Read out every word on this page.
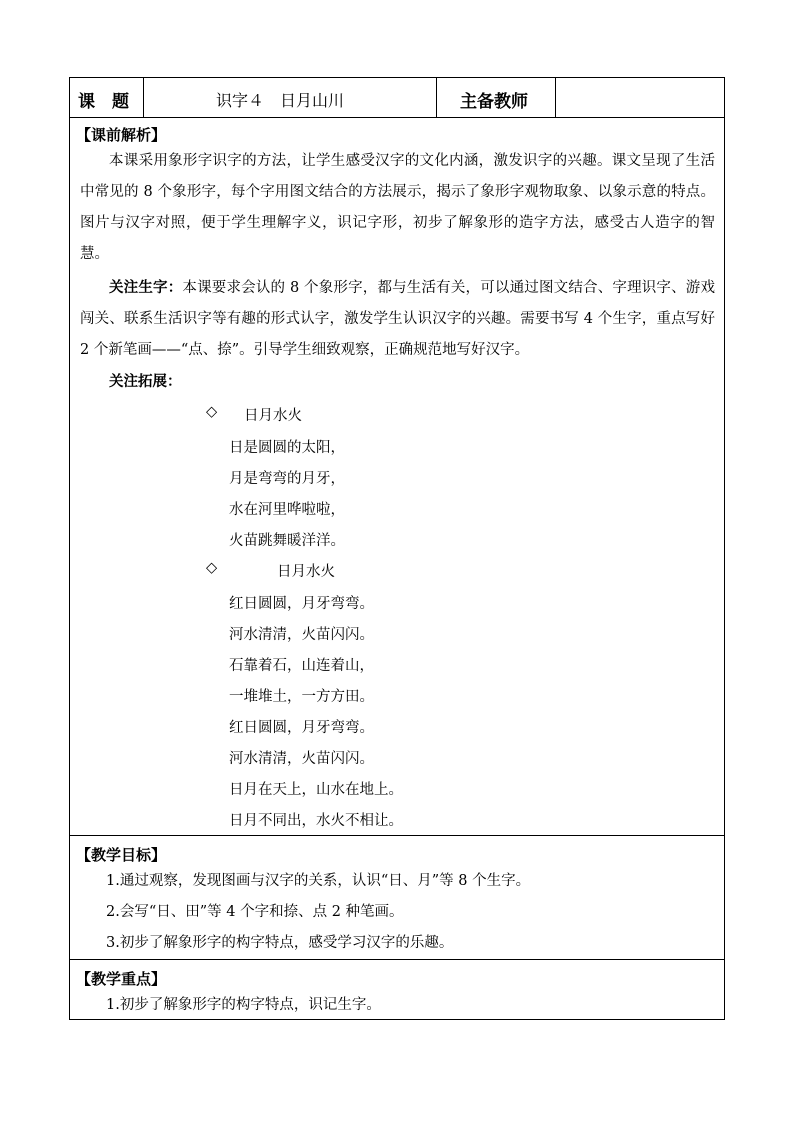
课　题	识字４　日月山川	主备教师
【课前解析】
本课采用象形字识字的方法，让学生感受汉字的文化内涵，激发识字的兴趣。课文呈现了生活中常见的 8 个象形字，每个字用图文结合的方法展示，揭示了象形字观物取象、以象示意的特点。图片与汉字对照，便于学生理解字义，识记字形，初步了解象形的造字方法，感受古人造字的智慧。
关注生字：本课要求会认的 8 个象形字，都与生活有关，可以通过图文结合、字理识字、游戏闯关、联系生活识字等有趣的形式认字，激发学生认识汉字的兴趣。需要书写 4 个生字，重点写好 2 个新笔画——“点、捺”。引导学生细致观察，正确规范地写好汉字。
关注拓展：
◇ 日月水火
日是圆圆的太阳，
月是弯弯的月牙，
水在河里哗啦啦，
火苗跳舞暖洋洋。
◇	日月水火
红日圆圆，月牙弯弯。
河水清清，火苗闪闪。
石靠着石，山连着山，
一堆堆土，一方方田。
红日圆圆，月牙弯弯。
河水清清，火苗闪闪。
日月在天上，山水在地上。
日月不同出，水火不相让。
【教学目标】
1.通过观察，发现图画与汉字的关系，认识“日、月”等 8 个生字。
2.会写“日、田”等 4 个字和捺、点 2 种笔画。
3.初步了解象形字的构字特点，感受学习汉字的乐趣。
【教学重点】
1.初步了解象形字的构字特点，识记生字。
